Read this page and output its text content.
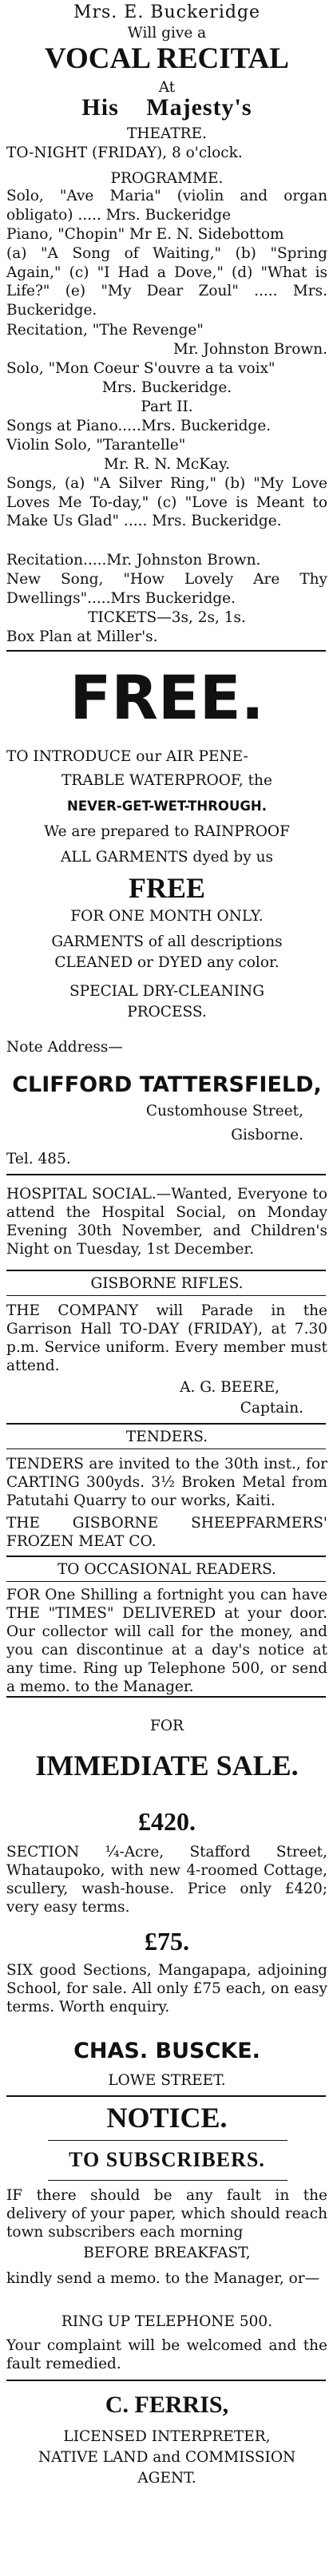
Mrs. E. Buckeridge
Will give a
VOCAL RECITAL
At
His Majesty's
THEATRE.
TO-NIGHT (FRIDAY), 8 o'clock.
PROGRAMME.
Solo, "Ave Maria" (violin and organ obligato) ..... Mrs. Buckeridge
Piano, "Chopin" Mr E. N. Sidebottom
(a) "A Song of Waiting," (b) "Spring Again," (c) "I Had a Dove," (d) "What is Life?" (e) "My Dear Zoul" ..... Mrs. Buckeridge.
Recitation, "The Revenge"
Mr. Johnston Brown.
Solo, "Mon Coeur S'ouvre a ta voix"
Mrs. Buckeridge.
Part II.
Songs at Piano.....Mrs. Buckeridge.
Violin Solo, "Tarantelle"
Mr. R. N. McKay.
Songs, (a) "A Silver Ring," (b) "My Love Loves Me To-day," (c) "Love is Meant to Make Us Glad" ..... Mrs. Buckeridge.
Recitation.....Mr. Johnston Brown.
New Song, "How Lovely Are Thy Dwellings".....Mrs Buckeridge.
TICKETS—3s, 2s, 1s.
Box Plan at Miller's.
FREE.
TO INTRODUCE our AIR PENE-
TRABLE WATERPROOF, the
NEVER-GET-WET-THROUGH.
We are prepared to RAINPROOF
ALL GARMENTS dyed by us
FREE
FOR ONE MONTH ONLY.
GARMENTS of all descriptions
CLEANED or DYED any color.
SPECIAL DRY-CLEANING
PROCESS.
Note Address—
CLIFFORD TATTERSFIELD,
Customhouse Street,
Gisborne.
Tel. 485.
HOSPITAL SOCIAL.—Wanted, Everyone to attend the Hospital Social, on Monday Evening 30th November, and Children's Night on Tuesday, 1st December.
GISBORNE RIFLES.
THE COMPANY will Parade in the Garrison Hall TO-DAY (FRIDAY), at 7.30 p.m. Service uniform. Every member must attend.
A. G. BEERE,
Captain.
TENDERS.
TENDERS are invited to the 30th inst., for CARTING 300yds. 3½ Broken Metal from Patutahi Quarry to our works, Kaiti.
THE GISBORNE SHEEPFARMERS' FROZEN MEAT CO.
TO OCCASIONAL READERS.
FOR One Shilling a fortnight you can have THE "TIMES" DELIVERED at your door. Our collector will call for the money, and you can discontinue at a day's notice at any time. Ring up Telephone 500, or send a memo. to the Manager.
FOR
IMMEDIATE SALE.
£420.
SECTION ¼-Acre, Stafford Street, Whataupoko, with new 4-roomed Cottage, scullery, wash-house. Price only £420; very easy terms.
£75.
SIX good Sections, Mangapapa, adjoining School, for sale. All only £75 each, on easy terms. Worth enquiry.
CHAS. BUSCKE.
LOWE STREET.
NOTICE.
TO SUBSCRIBERS.
IF there should be any fault in the delivery of your paper, which should reach town subscribers each morning
BEFORE BREAKFAST,
kindly send a memo. to the Manager, or—
RING UP TELEPHONE 500.
Your complaint will be welcomed and the fault remedied.
C. FERRIS,
LICENSED INTERPRETER,
NATIVE LAND and COMMISSION
AGENT.
